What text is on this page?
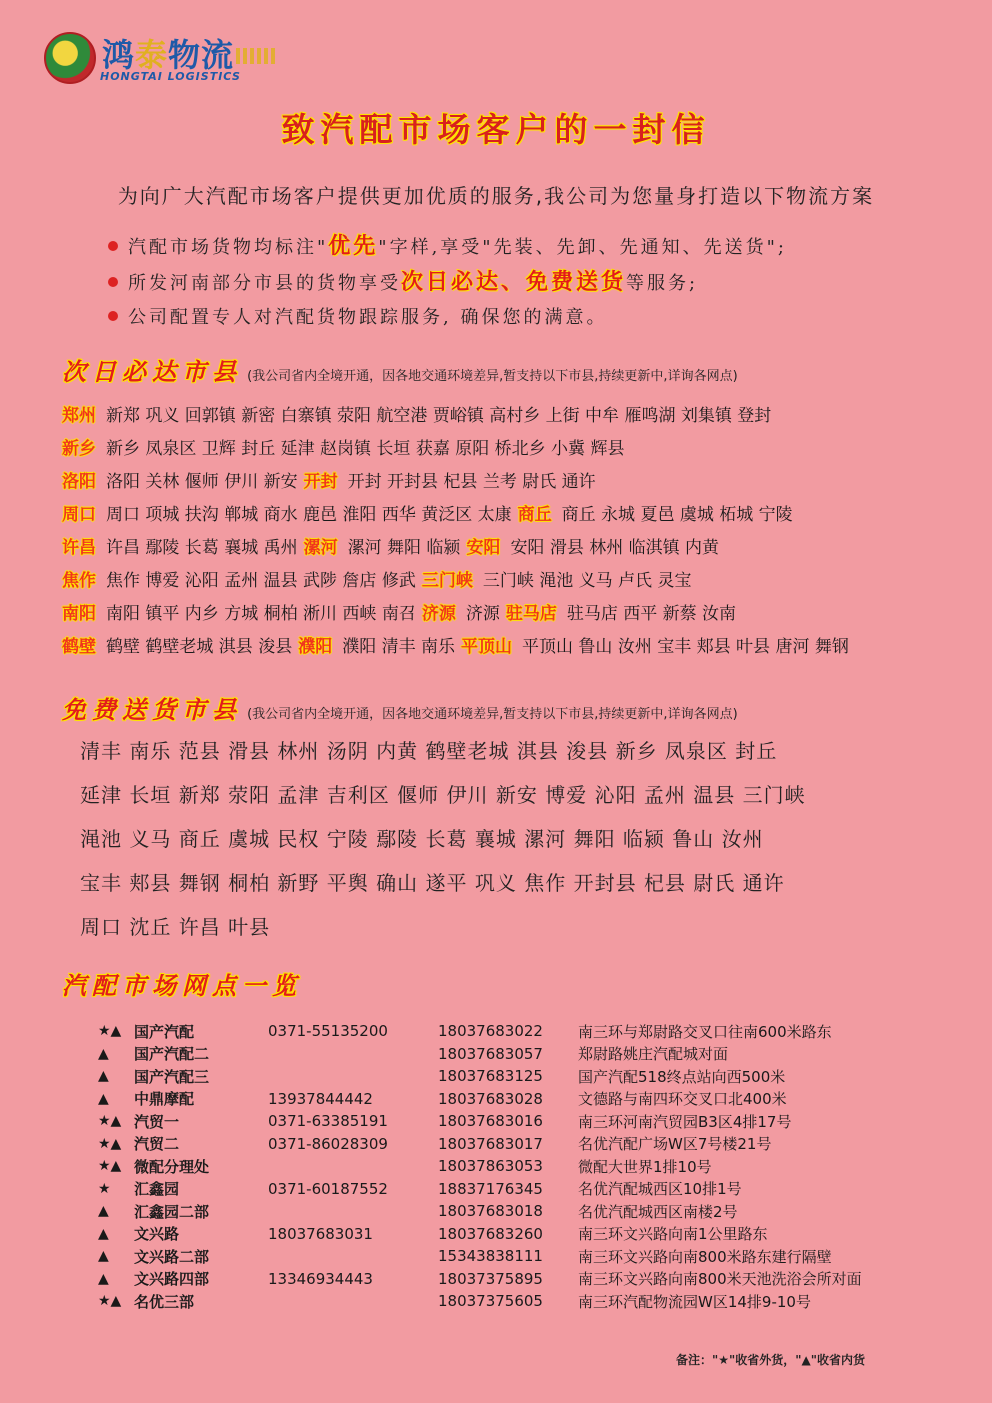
鸿泰物流
HONGTAI LOGISTICS
致汽配市场客户的一封信
为向广大汽配市场客户提供更加优质的服务,我公司为您量身打造以下物流方案
汽配市场货物均标注"优先"字样,享受"先装、先卸、先通知、先送货";
所发河南部分市县的货物享受次日必达、免费送货等服务;
公司配置专人对汽配货物跟踪服务, 确保您的满意。
次日必达市县 (我公司省内全境开通，因各地交通环境差异,暂支持以下市县,持续更新中,详询各网点)
郑州 新郑 巩义 回郭镇 新密 白寨镇 荥阳 航空港 贾峪镇 高村乡 上街 中牟 雁鸣湖 刘集镇 登封
新乡 新乡 凤泉区 卫辉 封丘 延津 赵岗镇 长垣 获嘉 原阳 桥北乡 小冀 辉县
洛阳 洛阳 关林 偃师 伊川 新安 开封 开封 开封县 杞县 兰考 尉氏 通许
周口 周口 项城 扶沟 郸城 商水 鹿邑 淮阳 西华 黄泛区 太康 商丘 商丘 永城 夏邑 虞城 柘城 宁陵
许昌 许昌 鄢陵 长葛 襄城 禹州 漯河 漯河 舞阳 临颍 安阳 安阳 滑县 林州 临淇镇 内黄
焦作 焦作 博爱 沁阳 孟州 温县 武陟 詹店 修武 三门峡 三门峡 渑池 义马 卢氏 灵宝
南阳 南阳 镇平 内乡 方城 桐柏 淅川 西峡 南召 济源 济源 驻马店 驻马店 西平 新蔡 汝南
鹤壁 鹤壁 鹤壁老城 淇县 浚县 濮阳 濮阳 清丰 南乐 平顶山 平顶山 鲁山 汝州 宝丰 郏县 叶县 唐河 舞钢
免费送货市县 (我公司省内全境开通，因各地交通环境差异,暂支持以下市县,持续更新中,详询各网点)
清丰 南乐 范县 滑县 林州 汤阴 内黄 鹤壁老城 淇县 浚县 新乡 凤泉区 封丘
延津 长垣 新郑 荥阳 孟津 吉利区 偃师 伊川 新安 博爱 沁阳 孟州 温县 三门峡
渑池 义马 商丘 虞城 民权 宁陵 鄢陵 长葛 襄城 漯河 舞阳 临颍 鲁山 汝州
宝丰 郏县 舞钢 桐柏 新野 平舆 确山 遂平 巩义 焦作 开封县 杞县 尉氏 通许
周口 沈丘 许昌 叶县
汽配市场网点一览
★▲	国产汽配	0371-55135200	18037683022	南三环与郑尉路交叉口往南600米路东
▲	国产汽配二		18037683057	郑尉路姚庄汽配城对面
▲	国产汽配三		18037683125	国产汽配518终点站向西500米
▲	中鼎摩配	13937844442	18037683028	文德路与南四环交叉口北400米
★▲	汽贸一	0371-63385191	18037683016	南三环河南汽贸园B3区4排17号
★▲	汽贸二	0371-86028309	18037683017	名优汽配广场W区7号楼21号
★▲	微配分理处		18037863053	微配大世界1排10号
★	汇鑫园	0371-60187552	18837176345	名优汽配城西区10排1号
▲	汇鑫园二部		18037683018	名优汽配城西区南楼2号
▲	文兴路	18037683031	18037683260	南三环文兴路向南1公里路东
▲	文兴路二部		15343838111	南三环文兴路向南800米路东建行隔壁
▲	文兴路四部	13346934443	18037375895	南三环文兴路向南800米天池洗浴会所对面
★▲	名优三部		18037375605	南三环汽配物流园W区14排9-10号
备注："★"收省外货，"▲"收省内货
